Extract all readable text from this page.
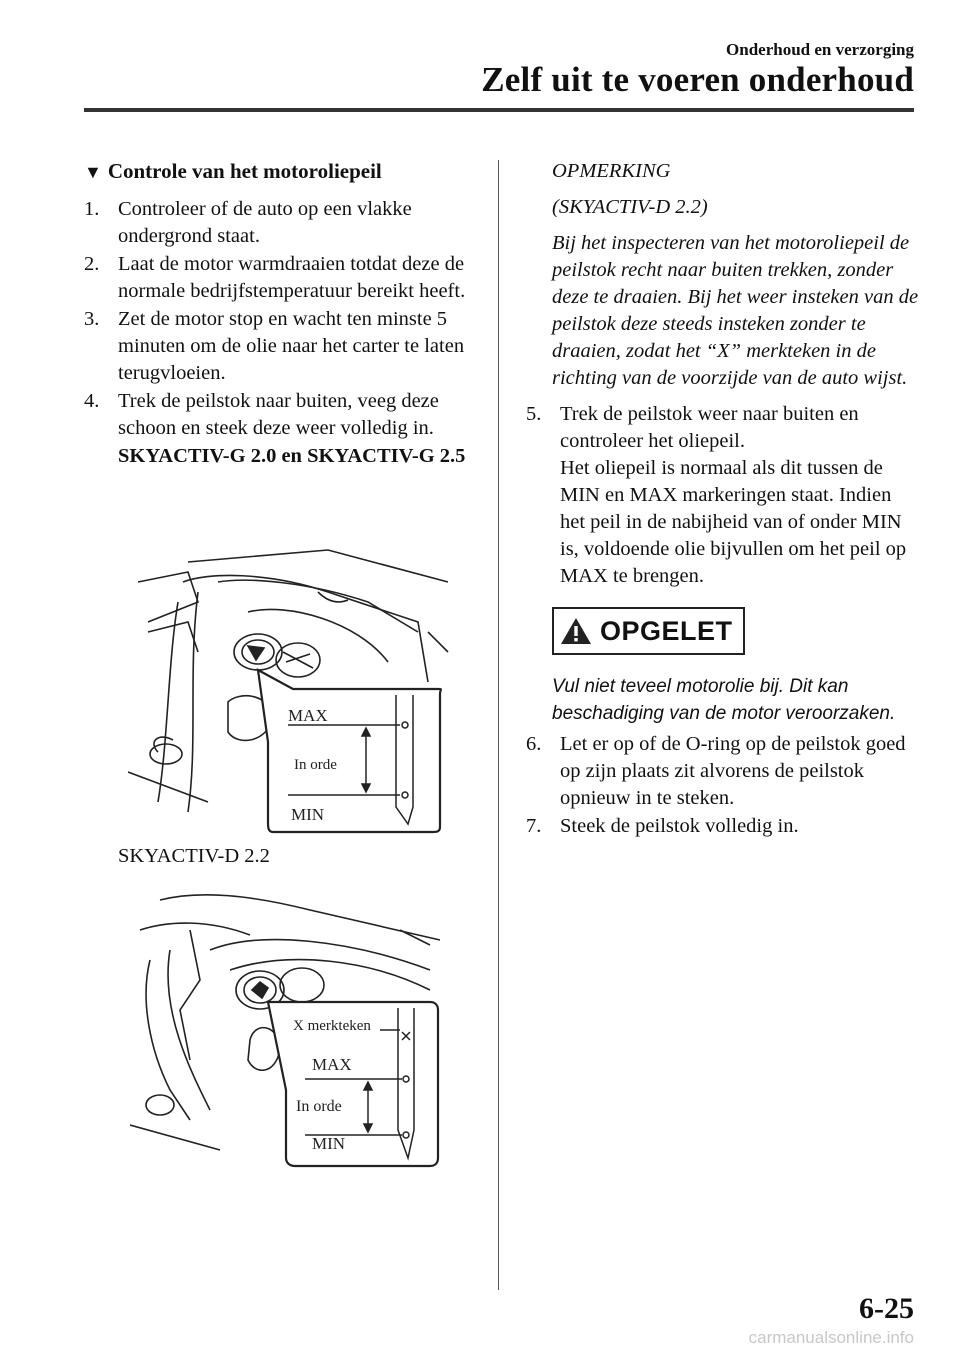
Onderhoud en verzorging
Zelf uit te voeren onderhoud
▼ Controle van het motoroliepeil
1. Controleer of de auto op een vlakke ondergrond staat.
2. Laat de motor warmdraaien totdat deze de normale bedrijfstemperatuur bereikt heeft.
3. Zet de motor stop en wacht ten minste 5 minuten om de olie naar het carter te laten terugvloeien.
4. Trek de peilstok naar buiten, veeg deze schoon en steek deze weer volledig in.
SKYACTIV-G 2.0 en SKYACTIV-G 2.5
MAX
In orde
MIN
SKYACTIV-D 2.2
X merkteken
MAX
In orde
MIN

OPMERKING

(SKYACTIV-D 2.2)

Bij het inspecteren van het motoroliepeil de peilstok recht naar buiten trekken, zonder deze te draaien. Bij het weer insteken van de peilstok deze steeds insteken zonder te draaien, zodat het “X” merkteken in de richting van de voorzijde van de auto wijst.

5. Trek de peilstok weer naar buiten en controleer het oliepeil.
Het oliepeil is normaal als dit tussen de MIN en MAX markeringen staat. Indien het peil in de nabijheid van of onder MIN is, voldoende olie bijvullen om het peil op MAX te brengen.
OPGELET
Vul niet teveel motorolie bij. Dit kan beschadiging van de motor veroorzaken.
6. Let er op of de O-ring op de peilstok goed op zijn plaats zit alvorens de peilstok opnieuw in te steken.
7. Steek de peilstok volledig in.
6-25
carmanualsonline.info
